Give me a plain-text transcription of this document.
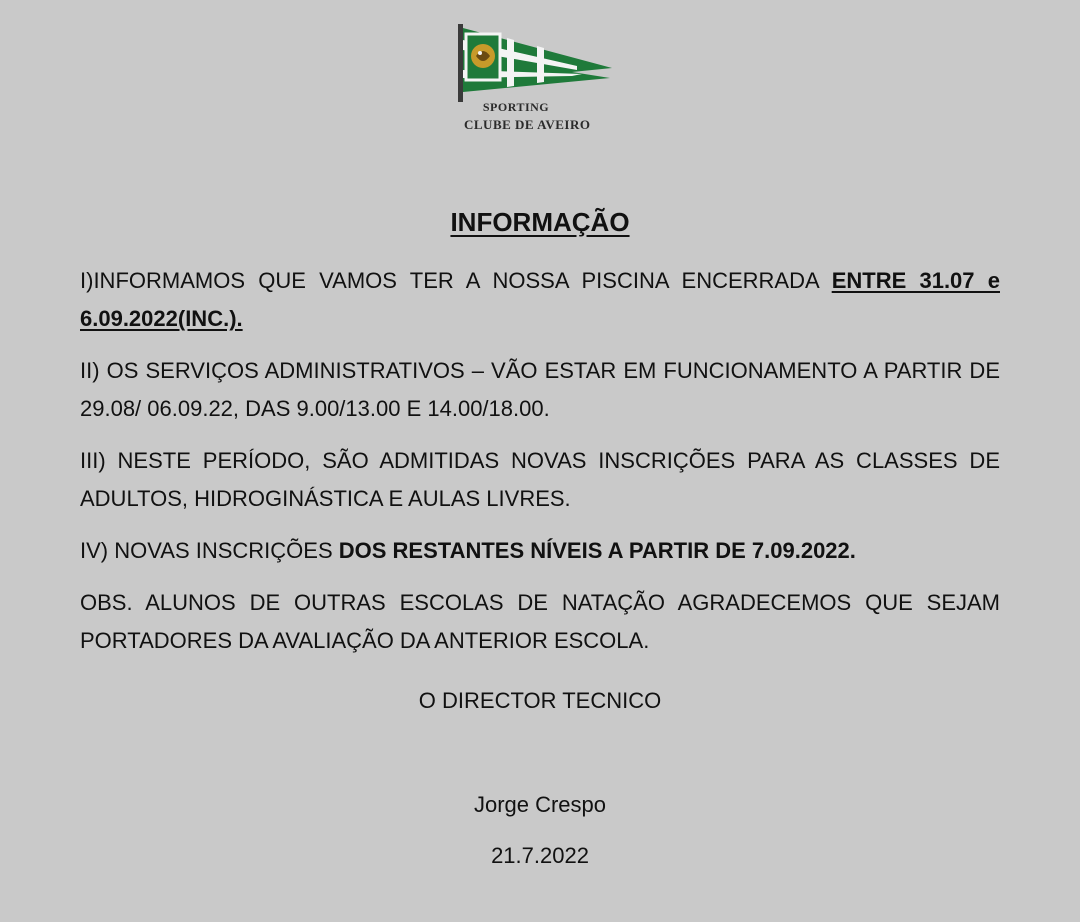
SPORTING
CLUBE DE AVEIRO
INFORMAÇÃO

I)INFORMAMOS QUE VAMOS TER A NOSSA PISCINA ENCERRADA ENTRE 31.07 e 6.09.2022(INC.).

II) OS SERVIÇOS ADMINISTRATIVOS – VÃO ESTAR EM FUNCIONAMENTO A PARTIR DE 29.08/ 06.09.22, DAS 9.00/13.00 E 14.00/18.00.

III) NESTE PERÍODO, SÃO ADMITIDAS NOVAS INSCRIÇÕES PARA AS CLASSES DE ADULTOS, HIDROGINÁSTICA E AULAS LIVRES.

IV) NOVAS INSCRIÇÕES DOS RESTANTES NÍVEIS A PARTIR DE 7.09.2022.

OBS. ALUNOS DE OUTRAS ESCOLAS DE NATAÇÃO AGRADECEMOS QUE SEJAM PORTADORES DA AVALIAÇÃO DA ANTERIOR ESCOLA.

O DIRECTOR TECNICO
Jorge Crespo
21.7.2022
